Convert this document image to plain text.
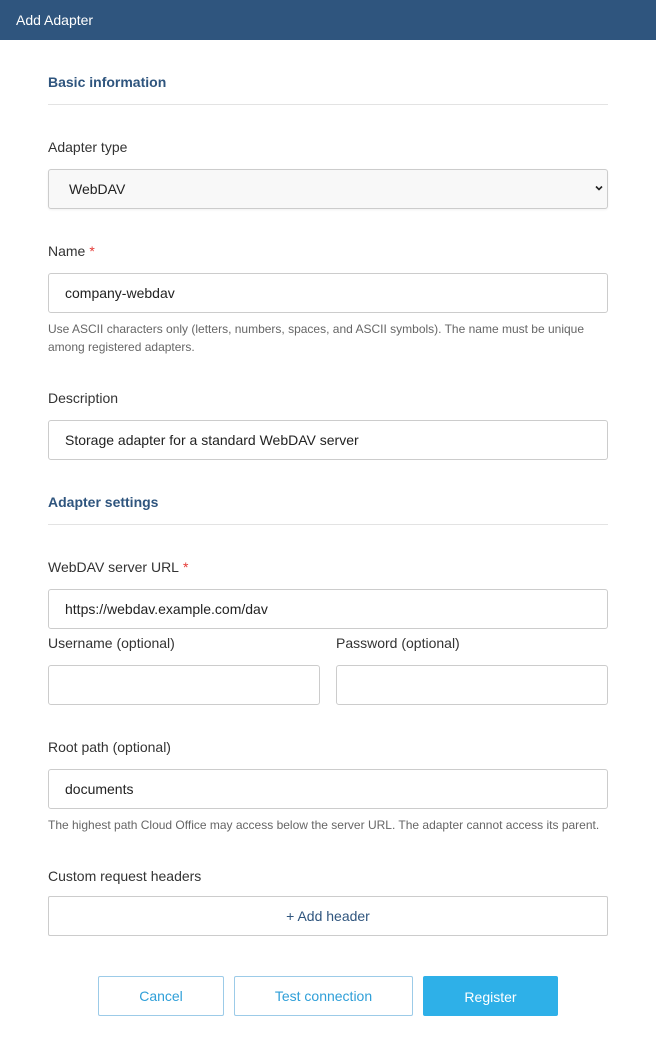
Add Adapter
Basic information
Adapter type
WebDAV
Name *
company-webdav
Use ASCII characters only (letters, numbers, spaces, and ASCII symbols). The name must be unique among registered adapters.
Description
Storage adapter for a standard WebDAV server
Adapter settings
WebDAV server URL *
https://webdav.example.com/dav
Username (optional)	Password (optional)
Root path (optional)
documents
The highest path Cloud Office may access below the server URL. The adapter cannot access its parent.
Custom request headers
+ Add header
Cancel	Test connection	Register
